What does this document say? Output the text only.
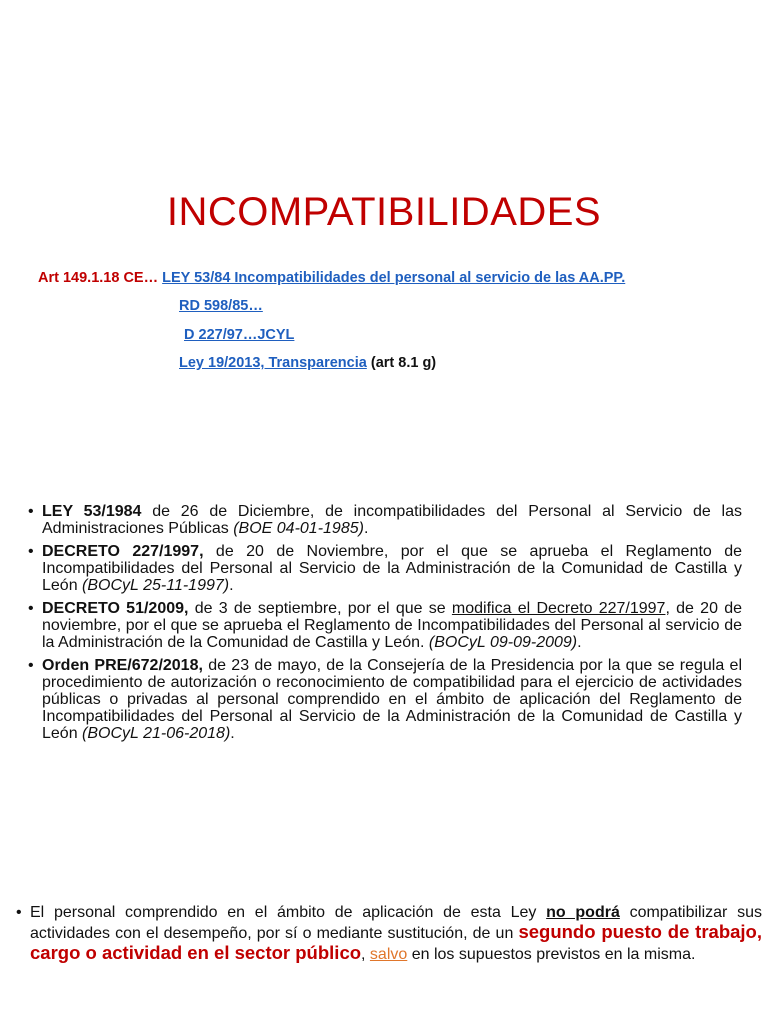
INCOMPATIBILIDADES
Art 149.1.18 CE… LEY 53/84 Incompatibilidades del personal al servicio de las AA.PP.
RD 598/85…
D 227/97…JCYL
Ley 19/2013, Transparencia (art 8.1 g)
• LEY 53/1984 de 26 de Diciembre, de incompatibilidades del Personal al Servicio de las Administraciones Públicas (BOE 04-01-1985).
• DECRETO 227/1997, de 20 de Noviembre, por el que se aprueba el Reglamento de Incompatibilidades del Personal al Servicio de la Administración de la Comunidad de Castilla y León (BOCyL 25-11-1997).
• DECRETO 51/2009, de 3 de septiembre, por el que se modifica el Decreto 227/1997, de 20 de noviembre, por el que se aprueba el Reglamento de Incompatibilidades del Personal al servicio de la Administración de la Comunidad de Castilla y León. (BOCyL 09-09-2009).
• Orden PRE/672/2018, de 23 de mayo, de la Consejería de la Presidencia por la que se regula el procedimiento de autorización o reconocimiento de compatibilidad para el ejercicio de actividades públicas o privadas al personal comprendido en el ámbito de aplicación del Reglamento de Incompatibilidades del Personal al Servicio de la Administración de la Comunidad de Castilla y León (BOCyL 21-06-2018).
• El personal comprendido en el ámbito de aplicación de esta Ley no podrá compatibilizar sus actividades con el desempeño, por sí o mediante sustitución, de un segundo puesto de trabajo, cargo o actividad en el sector público, salvo en los supuestos previstos en la misma.
